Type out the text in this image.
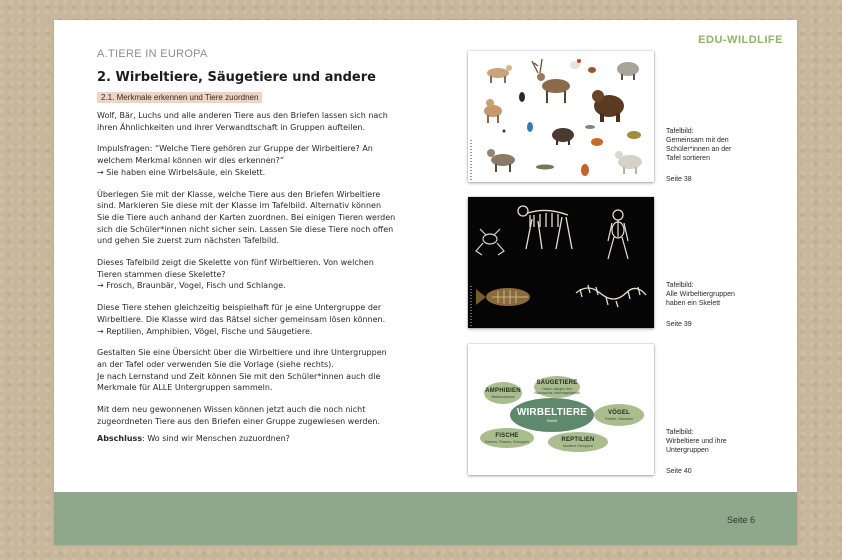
EDU-WILDLIFE
A.TIERE IN EUROPA
2. Wirbeltiere, Säugetiere und andere
2.1. Merkmale erkennen und Tiere zuordnen

Wolf, Bär, Luchs und alle anderen Tiere aus den Briefen lassen sich nach
ihren Ähnlichkeiten und ihrer Verwandtschaft in Gruppen aufteilen.

Impulsfragen: “Welche Tiere gehören zur Gruppe der Wirbeltiere? An
welchem Merkmal können wir dies erkennen?”
→ Sie haben eine Wirbelsäule, ein Skelett.

Überlegen Sie mit der Klasse, welche Tiere aus den Briefen Wirbeltiere
sind. Markieren Sie diese mit der Klasse im Tafelbild. Alternativ können
Sie die Tiere auch anhand der Karten zuordnen. Bei einigen Tieren werden
sich die Schüler*innen nicht sicher sein. Lassen Sie diese Tiere noch offen
und gehen Sie zuerst zum nächsten Tafelbild.

Dieses Tafelbild zeigt die Skelette von fünf Wirbeltieren. Von welchen
Tieren stammen diese Skelette?
→ Frosch, Braunbär, Vogel, Fisch und Schlange.

Diese Tiere stehen gleichzeitig beispielhaft für je eine Untergruppe der
Wirbeltiere. Die Klasse wird das Rätsel sicher gemeinsam lösen können.
→ Reptilien, Amphibien, Vögel, Fische und Säugetiere.

Gestalten Sie eine Übersicht über die Wirbeltiere und ihre Untergruppen
an der Tafel oder verwenden Sie die Vorlage (siehe rechts).
Je nach Lernstand und Zeit können Sie mit den Schüler*innen auch die
Merkmale für ALLE Untergruppen sammeln.

Mit dem neu gewonnenen Wissen können jetzt auch die noch nicht
zugeordneten Tiere aus den Briefen einer Gruppe zugewiesen werden.

Abschluss: Wo sind wir Menschen zuzuordnen?

Tafelbild:
Gemeinsam mit den
Schüler*innen an der
Tafel sortieren
Seite 38
Tafelbild:
Alle Wirbeltiergruppen
haben ein Skelett
Seite 39
SÄUGETIERE
Haare, säugen den Nachwuchs, lebendgebärend
AMPHIBIEN
Metamorphose
WIRBELTIERE
Skelett
VÖGEL
Federn, Schnabel
FISCHE
Kiemen, Flossen, Schuppen	REPTILIEN
trockene Schuppen
Tafelbild:
Wirbeltiere und ihre
Untergruppen
Seite 40
Seite 6
